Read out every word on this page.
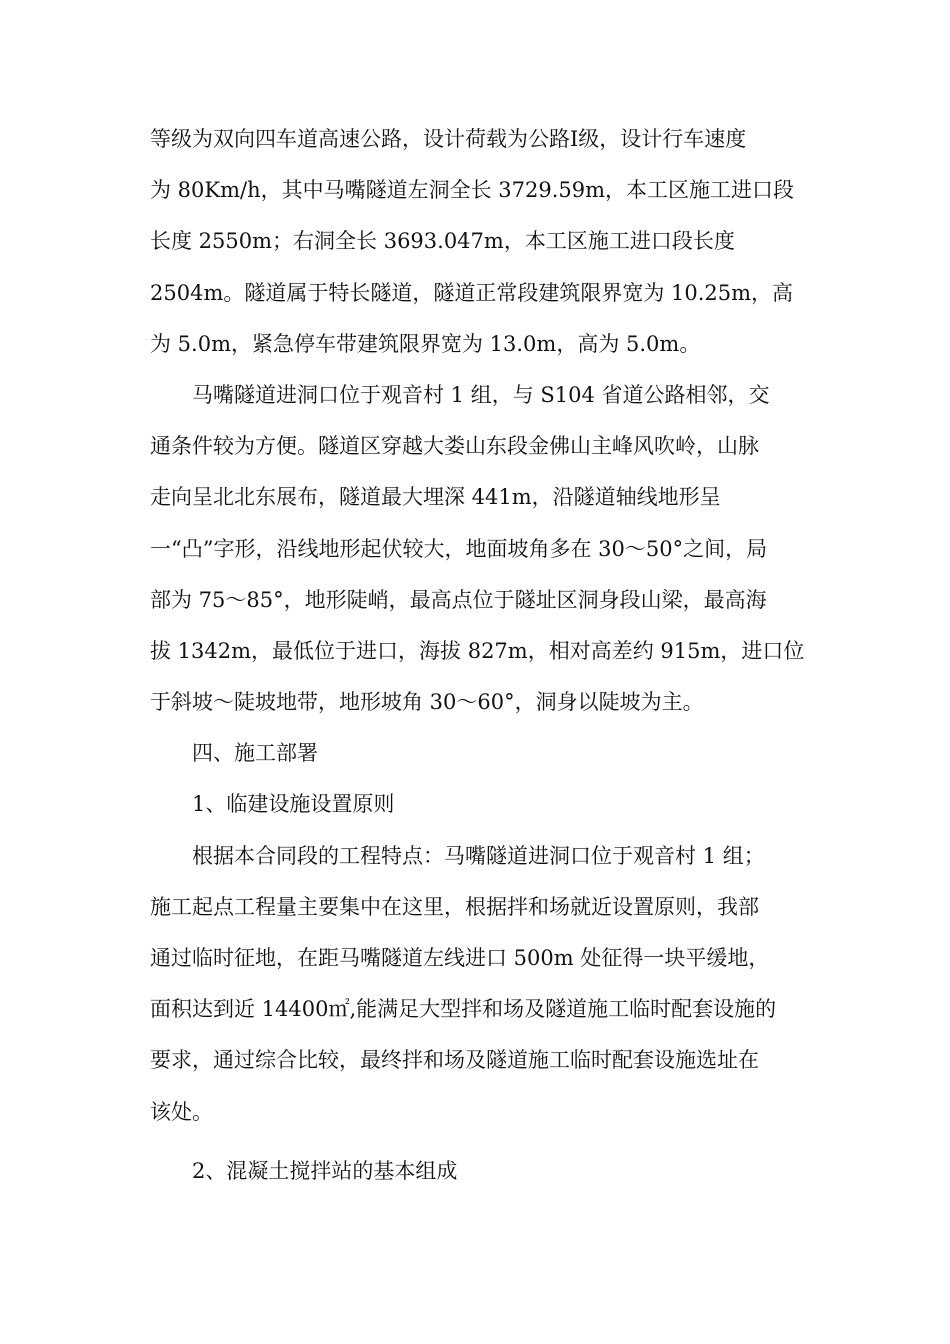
等级为双向四车道高速公路，设计荷载为公路Ⅰ级，设计行车速度
为 80Km/h，其中马嘴隧道左洞全长 3729.59m，本工区施工进口段
长度 2550m；右洞全长 3693.047m，本工区施工进口段长度
2504m。隧道属于特长隧道，隧道正常段建筑限界宽为 10.25m，高
为 5.0m，紧急停车带建筑限界宽为 13.0m，高为 5.0m。
马嘴隧道进洞口位于观音村 1 组，与 S104 省道公路相邻，交
通条件较为方便。隧道区穿越大娄山东段金佛山主峰风吹岭，山脉
走向呈北北东展布，隧道最大埋深 441m，沿隧道轴线地形呈
一“凸”字形，沿线地形起伏较大，地面坡角多在 30～50°之间，局
部为 75～85°，地形陡峭，最高点位于隧址区洞身段山梁，最高海
拔 1342m，最低位于进口，海拔 827m，相对高差约 915m，进口位
于斜坡～陡坡地带，地形坡角 30～60°，洞身以陡坡为主。
四、施工部署
1、临建设施设置原则
根据本合同段的工程特点：马嘴隧道进洞口位于观音村 1 组；
施工起点工程量主要集中在这里，根据拌和场就近设置原则，我部
通过临时征地，在距马嘴隧道左线进口 500m 处征得一块平缓地，
面积达到近 14400㎡,能满足大型拌和场及隧道施工临时配套设施的
要求，通过综合比较，最终拌和场及隧道施工临时配套设施选址在
该处。
2、混凝土搅拌站的基本组成
